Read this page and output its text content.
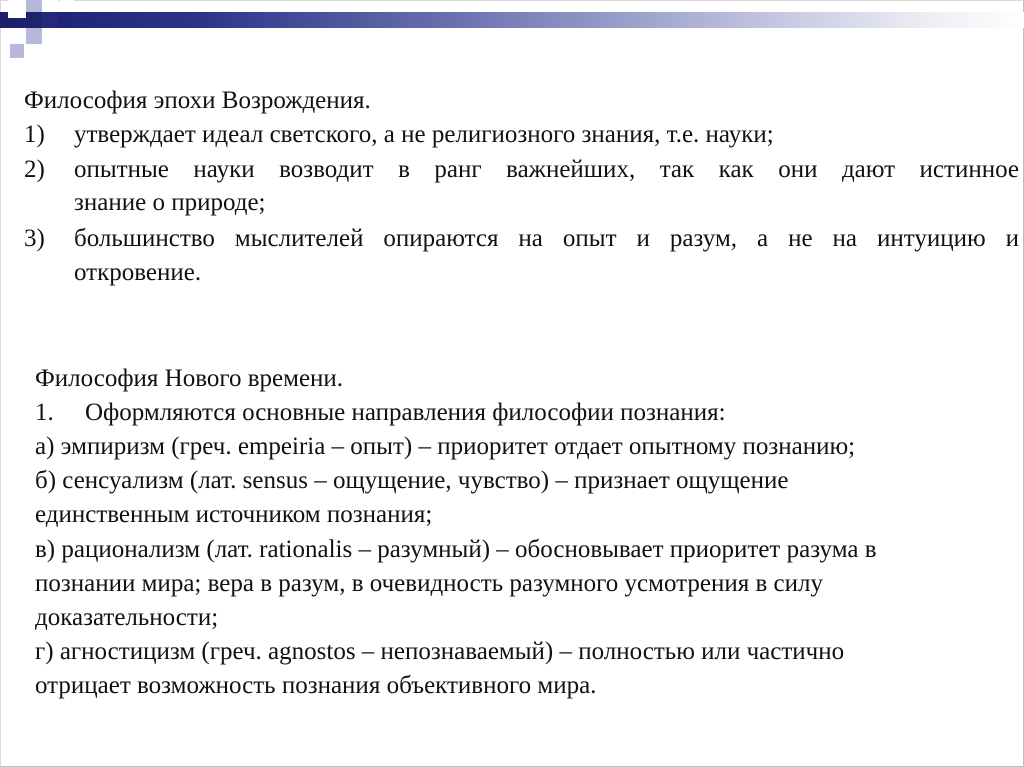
Философия эпохи Возрождения.
1) утверждает идеал светского, а не религиозного знания, т.е. науки;
2) опытные науки возводит в ранг важнейших, так как они дают истинное
знание о природе;
3) большинство мыслителей опираются на опыт и разум, а не на интуицию и
откровение.
Философия Нового времени.
1. Оформляются основные направления философии познания:
а) эмпиризм (греч. empeiria – опыт) – приоритет отдает опытному познанию;
б) сенсуализм (лат. sensus – ощущение, чувство) – признает ощущение
единственным источником познания;
в) рационализм (лат. rationalis – разумный) – обосновывает приоритет разума в
познании мира; вера в разум, в очевидность разумного усмотрения в силу
доказательности;
г) агностицизм (греч. agnostos – непознаваемый) – полностью или частично
отрицает возможность познания объективного мира.
